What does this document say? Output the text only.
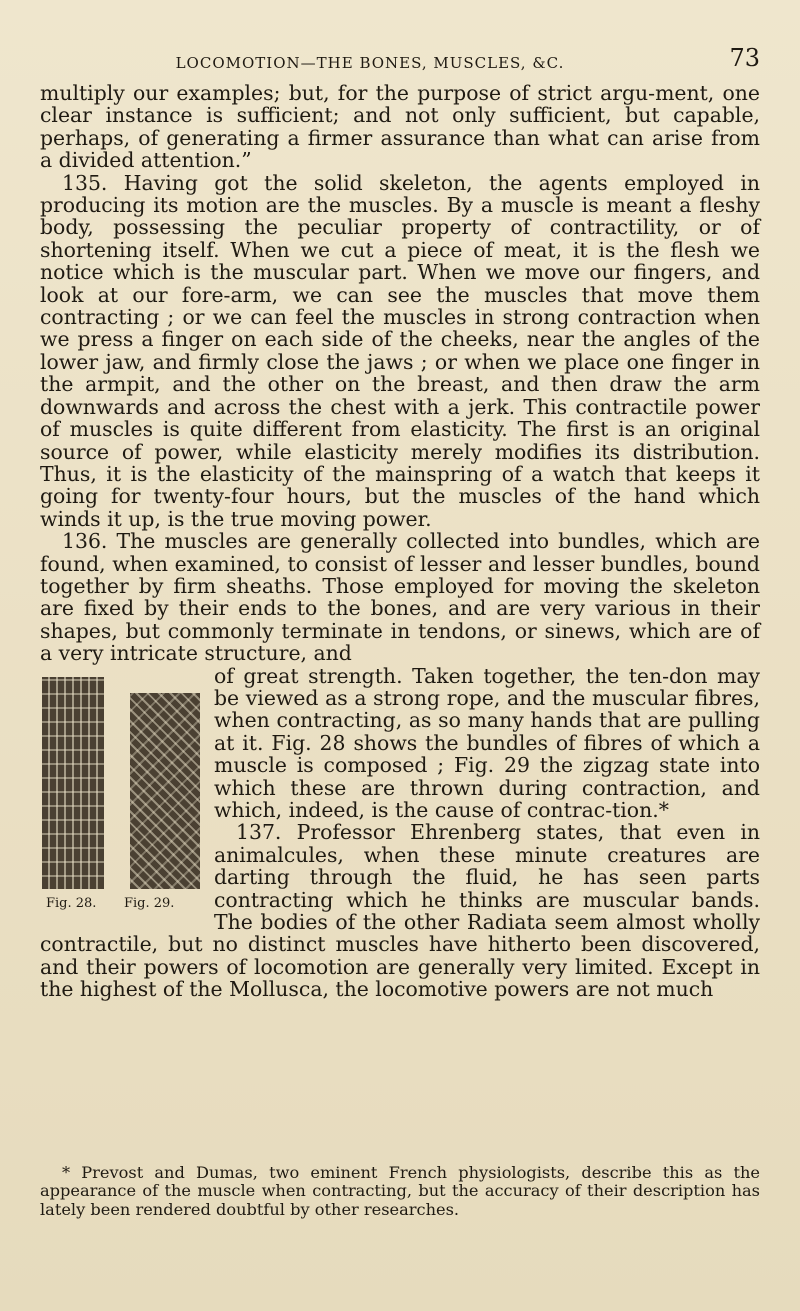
LOCOMOTION—THE BONES, MUSCLES, &C.	73

multiply our examples; but, for the purpose of strict argu-ment, one clear instance is sufficient; and not only sufficient, but capable, perhaps, of generating a firmer assurance than what can arise from a divided attention.”

135. Having got the solid skeleton, the agents employed in producing its motion are the muscles. By a muscle is meant a fleshy body, possessing the peculiar property of contractility, or of shortening itself. When we cut a piece of meat, it is the flesh we notice which is the muscular part. When we move our fingers, and look at our fore-arm, we can see the muscles that move them contracting ; or we can feel the muscles in strong contraction when we press a finger on each side of the cheeks, near the angles of the lower jaw, and firmly close the jaws ; or when we place one finger in the armpit, and the other on the breast, and then draw the arm downwards and across the chest with a jerk. This contractile power of muscles is quite different from elasticity. The first is an original source of power, while elasticity merely modifies its distribution. Thus, it is the elasticity of the mainspring of a watch that keeps it going for twenty-four hours, but the muscles of the hand which winds it up, is the true moving power.

136. The muscles are generally collected into bundles, which are found, when examined, to consist of lesser and lesser bundles, bound together by firm sheaths. Those employed for moving the skeleton are fixed by their ends to the bones, and are very various in their shapes, but commonly terminate in tendons, or sinews, which are of a very intricate structure, and

Fig. 28. Fig. 29.

of great strength. Taken together, the ten-don may be viewed as a strong rope, and the muscular fibres, when contracting, as so many hands that are pulling at it. Fig. 28 shows the bundles of fibres of which a muscle is composed ; Fig. 29 the zigzag state into which these are thrown during contraction, and which, indeed, is the cause of contrac-tion.*

137. Professor Ehrenberg states, that even in animalcules, when these minute creatures are darting through the fluid, he has seen parts contracting which he thinks are muscular bands. The bodies of the other Radiata seem almost wholly contractile, but no distinct muscles have hitherto been discovered, and their powers of locomotion are generally very limited. Except in the highest of the Mollusca, the locomotive powers are not much

* Prevost and Dumas, two eminent French physiologists, describe this as the appearance of the muscle when contracting, but the accuracy of their description has lately been rendered doubtful by other researches.
